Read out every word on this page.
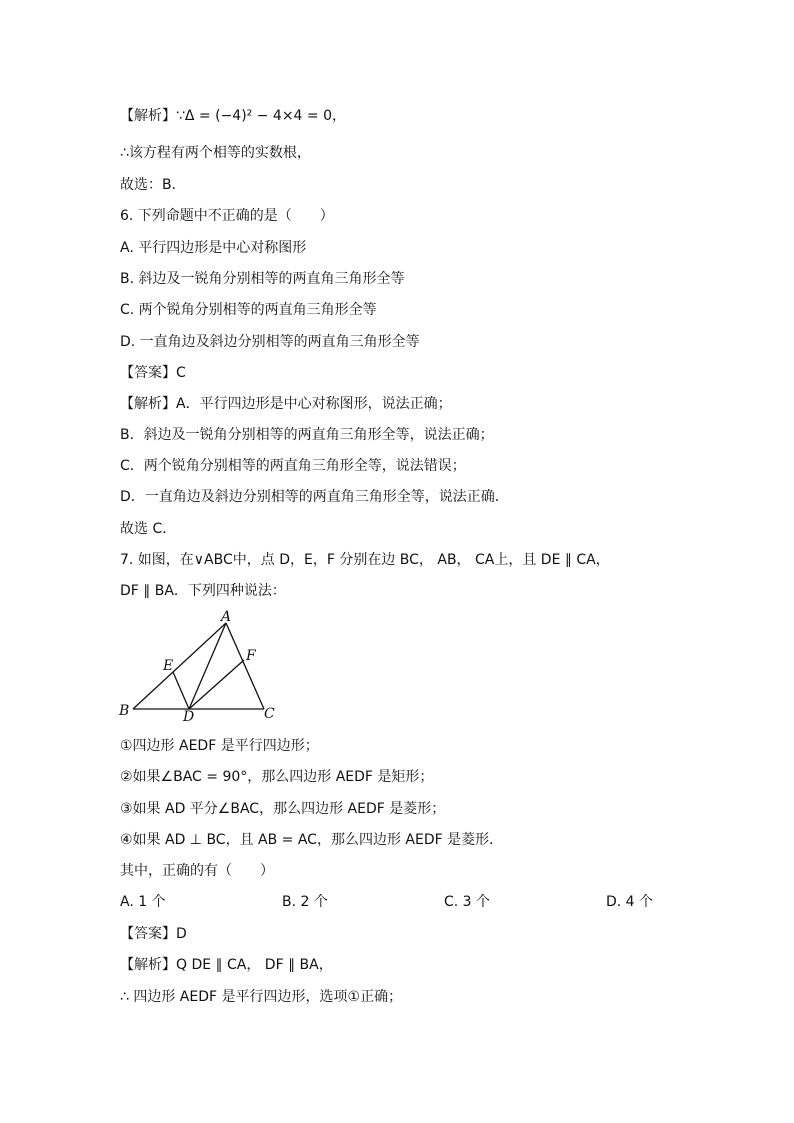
【解析】∵Δ = (−4)² − 4×4 = 0，
∴该方程有两个相等的实数根，
故选：B．
6. 下列命题中不正确的是（　　）
A. 平行四边形是中心对称图形
B. 斜边及一锐角分别相等的两直角三角形全等
C. 两个锐角分别相等的两直角三角形全等
D. 一直角边及斜边分别相等的两直角三角形全等
【答案】C
【解析】A．平行四边形是中心对称图形，说法正确；
B．斜边及一锐角分别相等的两直角三角形全等，说法正确；
C．两个锐角分别相等的两直角三角形全等，说法错误；
D．一直角边及斜边分别相等的两直角三角形全等，说法正确．
故选 C．
7. 如图，在∨ABC中，点 D，E，F 分别在边 BC， AB， CA上，且 DE ∥ CA，
DF ∥ BA．下列四种说法：
A
E
F
B	D	C
①四边形 AEDF 是平行四边形；
②如果∠BAC = 90°，那么四边形 AEDF 是矩形；
③如果 AD 平分∠BAC，那么四边形 AEDF 是菱形；
④如果 AD ⊥ BC，且 AB = AC，那么四边形 AEDF 是菱形．
其中，正确的有（　　）
A. 1 个	B. 2 个	C. 3 个	D. 4 个
【答案】D
【解析】Q DE ∥ CA， DF ∥ BA，
∴ 四边形 AEDF 是平行四边形，选项①正确；
